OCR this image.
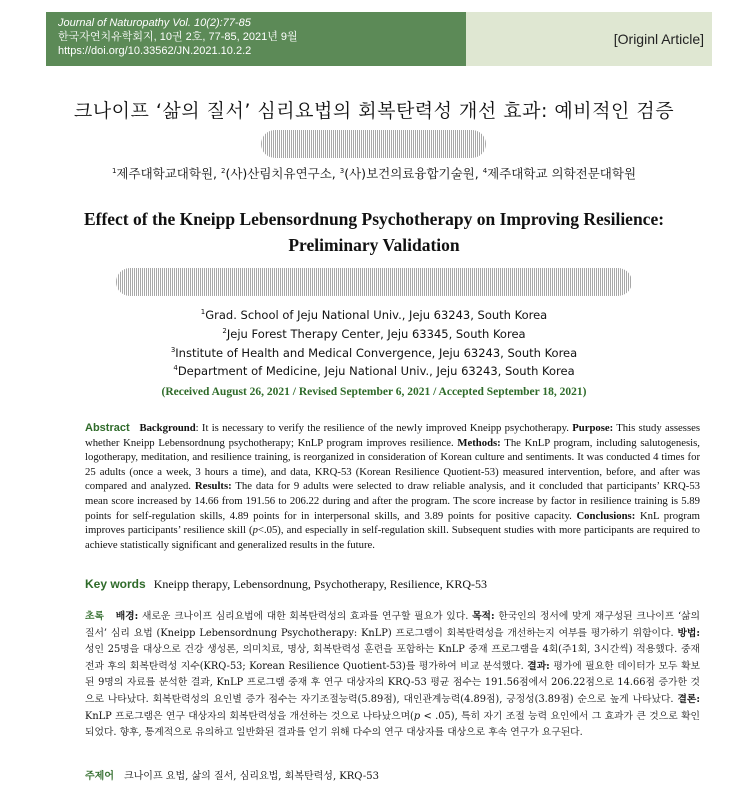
Journal of Naturopathy Vol. 10(2):77-85
한국자연치유학회지, 10권 2호, 77-85, 2021년 9월
https://doi.org/10.33562/JN.2021.10.2.2
[Originl Article]
크나이프 ‘삶의 질서’ 심리요법의 회복탄력성 개선 효과: 예비적인 검증
$^1$제주대학교대학원, $^2$(사)산림치유연구소, $^3$(사)보건의료융합기술원, $^4$제주대학교 의학전문대학원
Effect of the Kneipp Lebensordnung Psychotherapy on Improving Resilience:
Preliminary Validation
$^1$Grad. School of Jeju National Univ., Jeju 63243, South Korea
$^2$Jeju Forest Therapy Center, Jeju 63345, South Korea
$^3$Institute of Health and Medical Convergence, Jeju 63243, South Korea
$^4$Department of Medicine, Jeju National Univ., Jeju 63243, South Korea
(Received August 26, 2021 / Revised September 6, 2021 / Accepted September 18, 2021)
Abstract Background: It is necessary to verify the resilience of the newly improved Kneipp psychotherapy. Purpose: This study assesses whether Kneipp Lebensordnung psychotherapy; KnLP program improves resilience. Methods: The KnLP program, including salutogenesis, logotherapy, meditation, and resilience training, is reorganized in consideration of Korean culture and sentiments. It was conducted 4 times for 25 adults (once a week, 3 hours a time), and data, KRQ-53 (Korean Resilience Quotient-53) measured intervention, before, and after was compared and analyzed. Results: The data for 9 adults were selected to draw reliable analysis, and it concluded that participants’ KRQ-53 mean score increased by 14.66 from 191.56 to 206.22 during and after the program. The score increase by factor in resilience training is 5.89 points for self-regulation skills, 4.89 points for in interpersonal skills, and 3.89 points for positive capacity. Conclusions: KnL program improves participants’ resilience skill (p<.05), and especially in self-regulation skill. Subsequent studies with more participants are required to achieve statistically significant and generalized results in the future.
Key words Kneipp therapy, Lebensordnung, Psychotherapy, Resilience, KRQ-53
초록 배경: 새로운 크나이프 심리요법에 대한 회복탄력성의 효과를 연구할 필요가 있다. 목적: 한국인의 정서에 맞게 재구성된 크나이프 ‘삶의 질서’ 심리 요법 (Kneipp Lebensordnung Psychotherapy: KnLP) 프로그램이 회복탄력성을 개선하는지 여부를 평가하기 위함이다. 방법: 성인 25명을 대상으로 건강 생성론, 의미치료, 명상, 회복탄력성 훈련을 포함하는 KnLP 중재 프로그램을 4회(주1회, 3시간씩) 적용했다. 중재 전과 후의 회복탄력성 지수(KRQ-53; Korean Resilience Quotient-53)를 평가하여 비교 분석했다. 결과: 평가에 필요한 데이터가 모두 확보된 9명의 자료를 분석한 결과, KnLP 프로그램 중재 후 연구 대상자의 KRQ-53 평균 점수는 191.56점에서 206.22점으로 14.66점 증가한 것으로 나타났다. 회복탄력성의 요인별 증가 점수는 자기조절능력(5.89점), 대인관계능력(4.89점), 긍정성(3.89점) 순으로 높게 나타났다. 결론: KnLP 프로그램은 연구 대상자의 회복탄력성을 개선하는 것으로 나타났으며(p < .05), 특히 자기 조절 능력 요인에서 그 효과가 큰 것으로 확인되었다. 향후, 통계적으로 유의하고 일반화된 결과를 얻기 위해 다수의 연구 대상자를 대상으로 후속 연구가 요구된다.
주제어 크나이프 요법, 삶의 질서, 심리요법, 회복탄력성, KRQ-53
